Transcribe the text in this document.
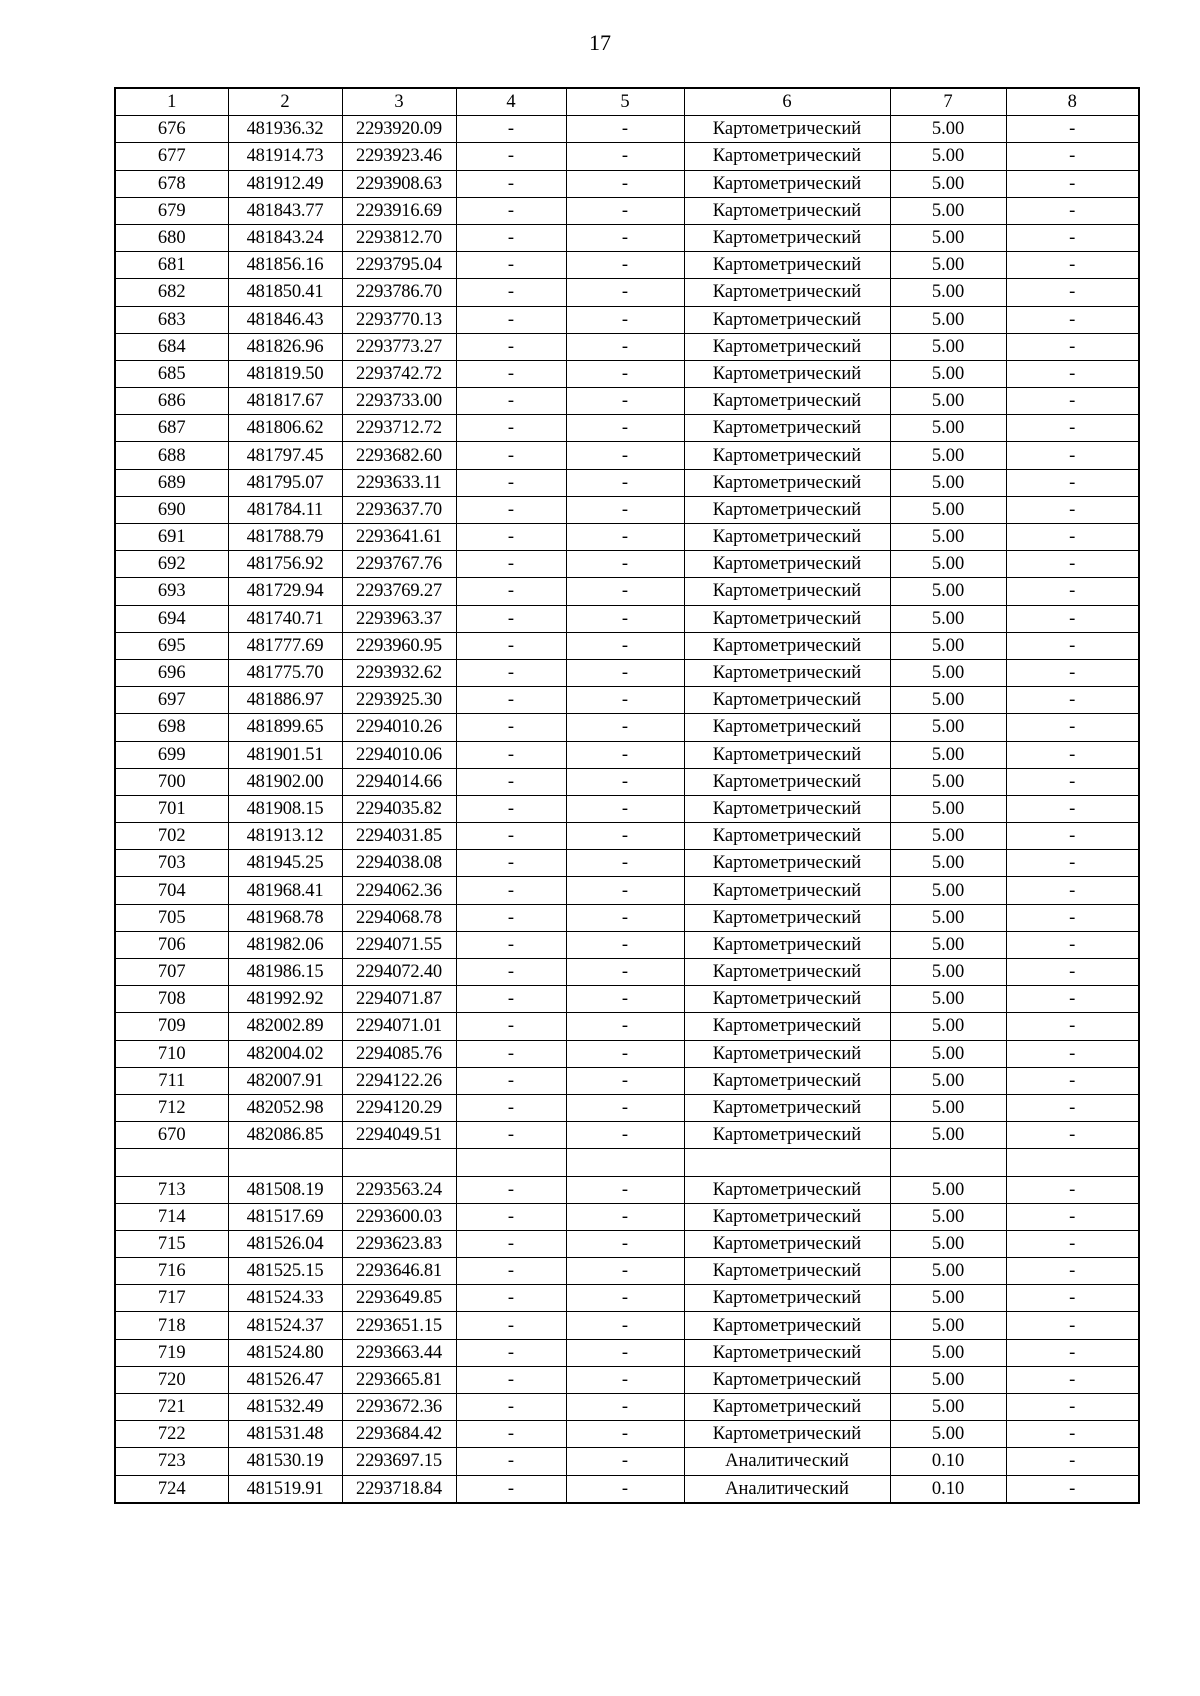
17
1	2	3	4	5	6	7	8
676	481936.32	2293920.09	-	-	Картометрический	5.00	-
677	481914.73	2293923.46	-	-	Картометрический	5.00	-
678	481912.49	2293908.63	-	-	Картометрический	5.00	-
679	481843.77	2293916.69	-	-	Картометрический	5.00	-
680	481843.24	2293812.70	-	-	Картометрический	5.00	-
681	481856.16	2293795.04	-	-	Картометрический	5.00	-
682	481850.41	2293786.70	-	-	Картометрический	5.00	-
683	481846.43	2293770.13	-	-	Картометрический	5.00	-
684	481826.96	2293773.27	-	-	Картометрический	5.00	-
685	481819.50	2293742.72	-	-	Картометрический	5.00	-
686	481817.67	2293733.00	-	-	Картометрический	5.00	-
687	481806.62	2293712.72	-	-	Картометрический	5.00	-
688	481797.45	2293682.60	-	-	Картометрический	5.00	-
689	481795.07	2293633.11	-	-	Картометрический	5.00	-
690	481784.11	2293637.70	-	-	Картометрический	5.00	-
691	481788.79	2293641.61	-	-	Картометрический	5.00	-
692	481756.92	2293767.76	-	-	Картометрический	5.00	-
693	481729.94	2293769.27	-	-	Картометрический	5.00	-
694	481740.71	2293963.37	-	-	Картометрический	5.00	-
695	481777.69	2293960.95	-	-	Картометрический	5.00	-
696	481775.70	2293932.62	-	-	Картометрический	5.00	-
697	481886.97	2293925.30	-	-	Картометрический	5.00	-
698	481899.65	2294010.26	-	-	Картометрический	5.00	-
699	481901.51	2294010.06	-	-	Картометрический	5.00	-
700	481902.00	2294014.66	-	-	Картометрический	5.00	-
701	481908.15	2294035.82	-	-	Картометрический	5.00	-
702	481913.12	2294031.85	-	-	Картометрический	5.00	-
703	481945.25	2294038.08	-	-	Картометрический	5.00	-
704	481968.41	2294062.36	-	-	Картометрический	5.00	-
705	481968.78	2294068.78	-	-	Картометрический	5.00	-
706	481982.06	2294071.55	-	-	Картометрический	5.00	-
707	481986.15	2294072.40	-	-	Картометрический	5.00	-
708	481992.92	2294071.87	-	-	Картометрический	5.00	-
709	482002.89	2294071.01	-	-	Картометрический	5.00	-
710	482004.02	2294085.76	-	-	Картометрический	5.00	-
711	482007.91	2294122.26	-	-	Картометрический	5.00	-
712	482052.98	2294120.29	-	-	Картометрический	5.00	-
670	482086.85	2294049.51	-	-	Картометрический	5.00	-

713	481508.19	2293563.24	-	-	Картометрический	5.00	-
714	481517.69	2293600.03	-	-	Картометрический	5.00	-
715	481526.04	2293623.83	-	-	Картометрический	5.00	-
716	481525.15	2293646.81	-	-	Картометрический	5.00	-
717	481524.33	2293649.85	-	-	Картометрический	5.00	-
718	481524.37	2293651.15	-	-	Картометрический	5.00	-
719	481524.80	2293663.44	-	-	Картометрический	5.00	-
720	481526.47	2293665.81	-	-	Картометрический	5.00	-
721	481532.49	2293672.36	-	-	Картометрический	5.00	-
722	481531.48	2293684.42	-	-	Картометрический	5.00	-
723	481530.19	2293697.15	-	-	Аналитический	0.10	-
724	481519.91	2293718.84	-	-	Аналитический	0.10	-
